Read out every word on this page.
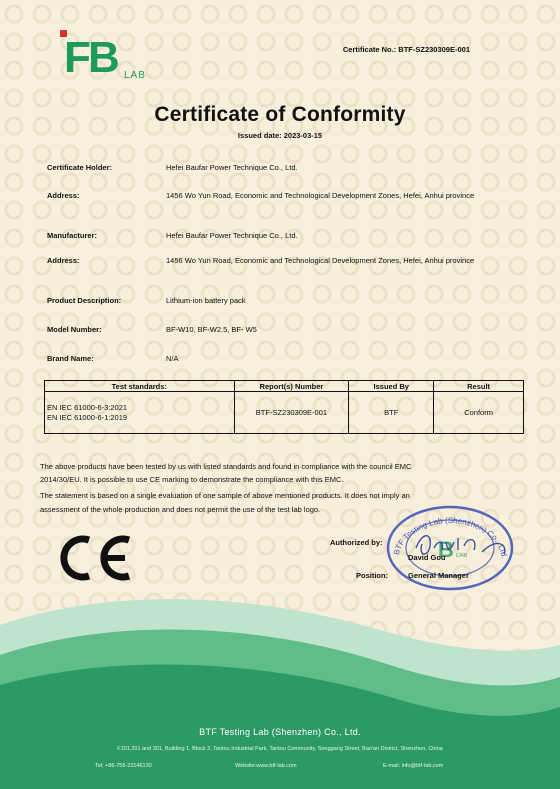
F
B LAB
Certificate No.: BTF-SZ230309E-001
Certificate of Conformity
Issued date: 2023-03-15
Certificate Holder:	Hefei Baufar Power Technique Co., Ltd.
Address:	1456 Wo Yun Road, Economic and Technological Development Zones, Hefei, Anhui province
Manufacturer:	Hefei Baufar Power Technique Co., Ltd.
Address:	1456 Wo Yun Road, Economic and Technological Development Zones, Hefei, Anhui province
Product Description:	Lithium-ion battery pack
Model Number:	BF-W10, BF-W2.5, BF- W5
Brand Name:	N/A
Test standards:	Report(s) Number	Issued By	Result

EN IEC 61000-6-3:2021
EN IEC 61000-6-1:2019	BTF-SZ230309E-001	BTF	Conform
The above products have been tested by us with listed standards and found in compliance with the council EMC
2014/30/EU. It is possible to use CE marking to demonstrate the compliance with this EMC.
The statement is based on a single evaluation of one sample of above mentioned products. It does not imply an
assessment of the whole production and does not permit the use of the test lab logo.
BTF Testing Lab (Shenzhen) Co., Ltd.
B LAB
Authorized by:
David Gou
Position:	General Manager
BTF Testing Lab (Shenzhen) Co., Ltd.
F101,201 and 301, Building 1, Block 2, Tantou Industrial Park, Tantou Community, Songgang Street, Bao'an District, Shenzhen, China
Tel: +86-755-23146130	Website:www.btf-lab.com	E-mail: info@btf-lab.com
